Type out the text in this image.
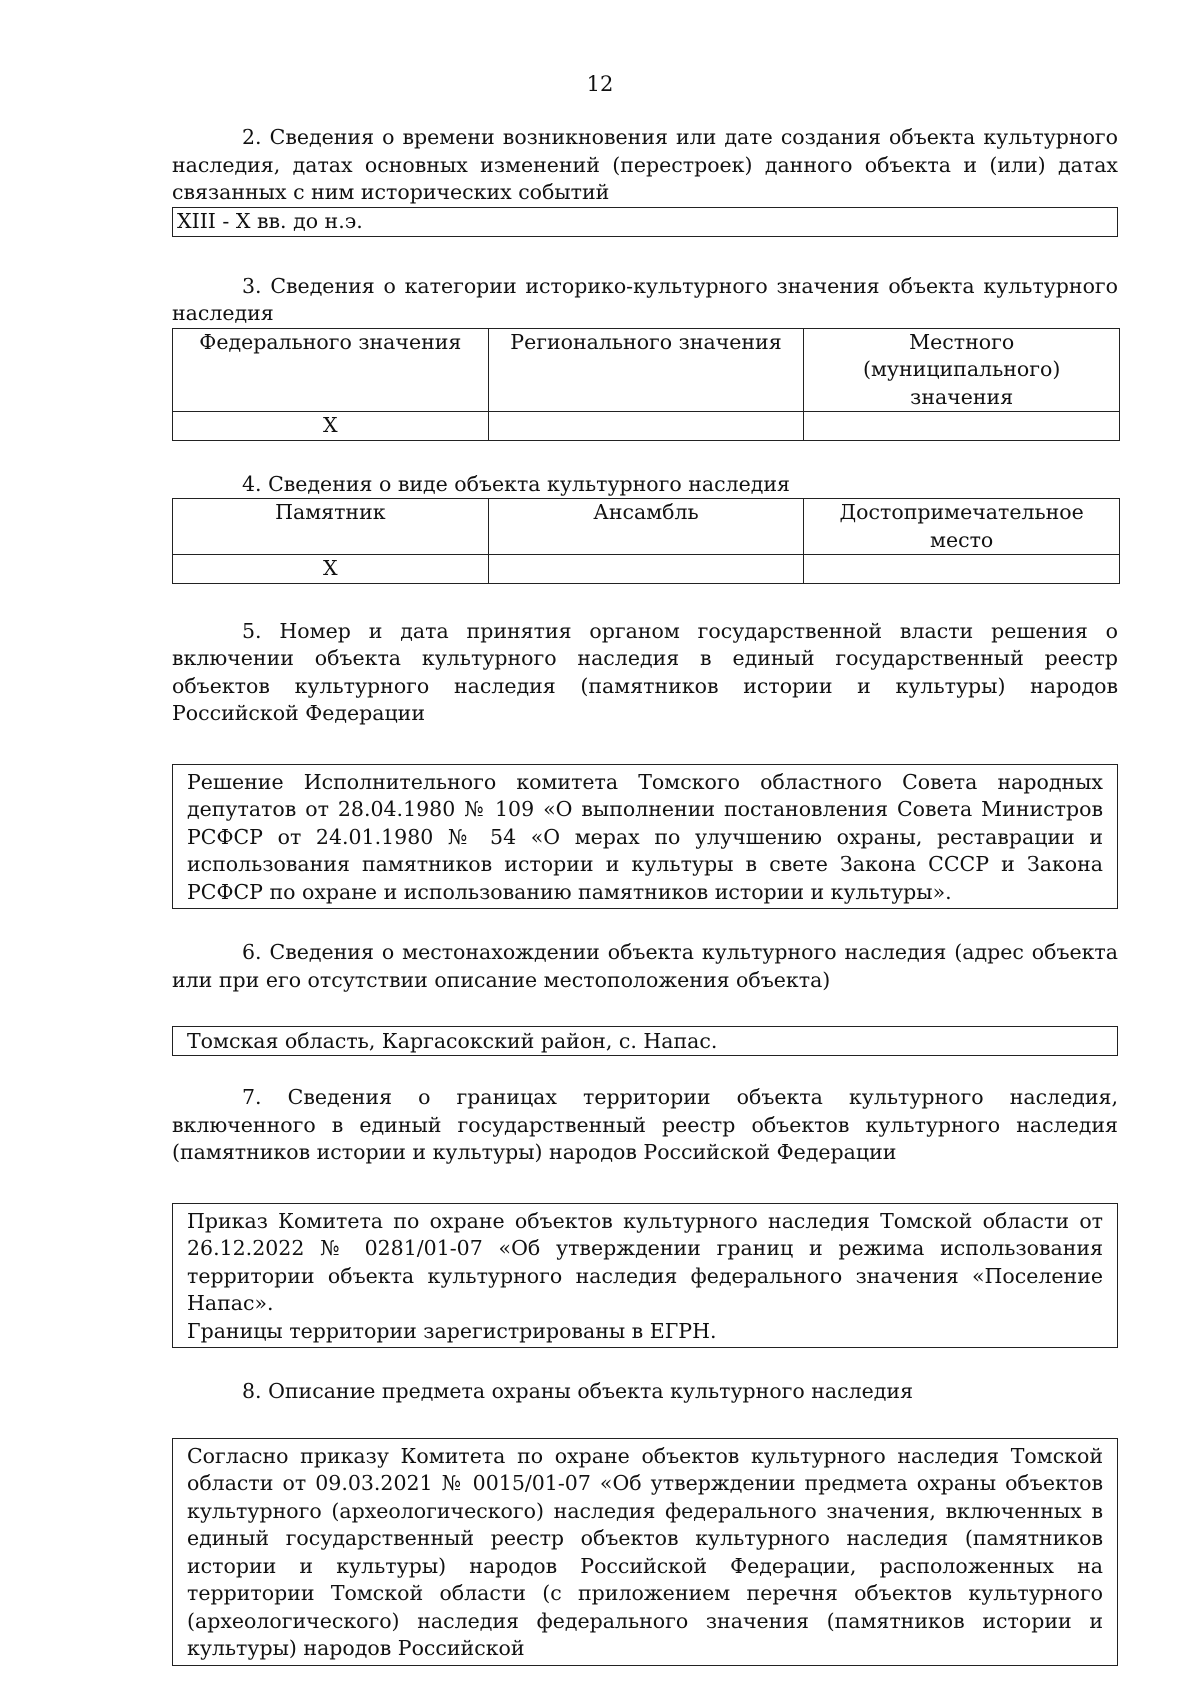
12

2. Сведения о времени возникновения или дате создания объекта культурного наследия, датах основных изменений (перестроек) данного объекта и (или) датах связанных с ним исторических событий

XIII - X вв. до н.э.

3. Сведения о категории историко-культурного значения объекта культурного наследия

Федерального значения	Регионального значения	Местного (муниципального) значения
X		

4. Сведения о виде объекта культурного наследия

Памятник	Ансамбль	Достопримечательное место
X		

5. Номер и дата принятия органом государственной власти решения о включении объекта культурного наследия в единый государственный реестр объектов культурного наследия (памятников истории и культуры) народов Российской Федерации

Решение Исполнительного комитета Томского областного Совета народных депутатов от 28.04.1980 № 109 «О выполнении постановления Совета Министров РСФСР от 24.01.1980 № 54 «О мерах по улучшению охраны, реставрации и использования памятников истории и культуры в свете Закона СССР и Закона РСФСР по охране и использованию памятников истории и культуры».

6. Сведения о местонахождении объекта культурного наследия (адрес объекта или при его отсутствии описание местоположения объекта)

Томская область, Каргасокский район, с. Напас.

7. Сведения о границах территории объекта культурного наследия, включенного в единый государственный реестр объектов культурного наследия (памятников истории и культуры) народов Российской Федерации

Приказ Комитета по охране объектов культурного наследия Томской области от 26.12.2022 № 0281/01-07 «Об утверждении границ и режима использования территории объекта культурного наследия федерального значения «Поселение Напас».
Границы территории зарегистрированы в ЕГРН.

8. Описание предмета охраны объекта культурного наследия

Согласно приказу Комитета по охране объектов культурного наследия Томской области от 09.03.2021 № 0015/01-07 «Об утверждении предмета охраны объектов культурного (археологического) наследия федерального значения, включенных в единый государственный реестр объектов культурного наследия (памятников истории и культуры) народов Российской Федерации, расположенных на территории Томской области (с приложением перечня объектов культурного (археологического) наследия федерального значения (памятников истории и культуры) народов Российской
